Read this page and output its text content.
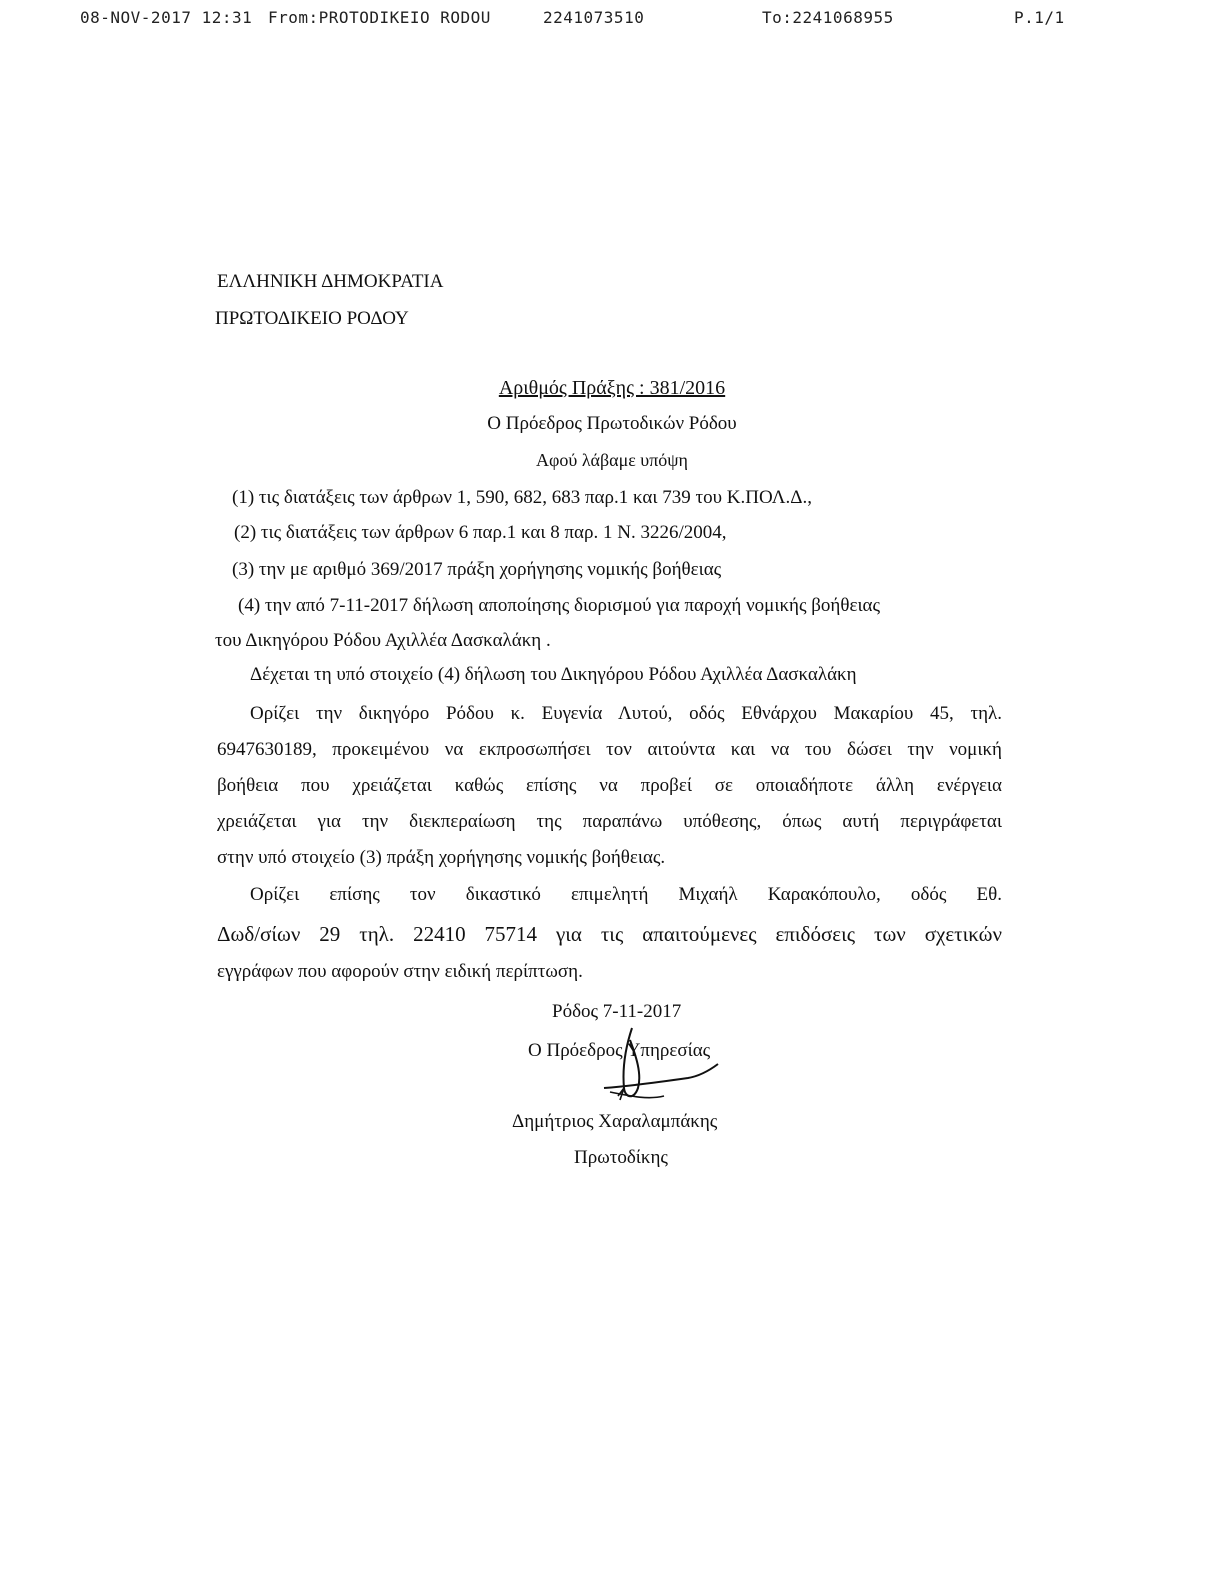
08-NOV-2017 12:31 From:PROTODIKEIO RODOU	2241073510	To:2241068955	P.1/1
ΕΛΛΗΝΙΚΗ ΔΗΜΟΚΡΑΤΙΑ
ΠΡΩΤΟΔΙΚΕΙΟ ΡΟΔΟΥ
Αριθμός Πράξης : 381/2016
Ο Πρόεδρος Πρωτοδικών Ρόδου
Αφού λάβαμε υπόψη
(1) τις διατάξεις των άρθρων 1, 590, 682, 683 παρ.1 και 739 του Κ.ΠΟΛ.Δ.,
(2) τις διατάξεις των άρθρων 6 παρ.1 και 8 παρ. 1 Ν. 3226/2004,
(3) την με αριθμό 369/2017 πράξη χορήγησης νομικής βοήθειας
(4) την από 7-11-2017 δήλωση αποποίησης διορισμού για παροχή νομικής βοήθειας
του Δικηγόρου Ρόδου Αχιλλέα Δασκαλάκη .
Δέχεται τη υπό στοιχείο (4) δήλωση του Δικηγόρου Ρόδου Αχιλλέα Δασκαλάκη
Ορίζει την δικηγόρο Ρόδου κ. Ευγενία Λυτού, οδός Εθνάρχου Μακαρίου 45, τηλ.
6947630189, προκειμένου να εκπροσωπήσει τον αιτούντα και να του δώσει την νομική
βοήθεια που χρειάζεται καθώς επίσης να προβεί σε οποιαδήποτε άλλη ενέργεια
χρειάζεται για την διεκπεραίωση της παραπάνω υπόθεσης, όπως αυτή περιγράφεται
στην υπό στοιχείο (3) πράξη χορήγησης νομικής βοήθειας.
Ορίζει επίσης τον δικαστικό επιμελητή Μιχαήλ Καρακόπουλο, οδός Εθ.
Δωδ/σίων 29 τηλ. 22410 75714 για τις απαιτούμενες επιδόσεις των σχετικών
εγγράφων που αφορούν στην ειδική περίπτωση.
Ρόδος 7-11-2017
Ο Πρόεδρος Υπηρεσίας
Δημήτριος Χαραλαμπάκης
Πρωτοδίκης
